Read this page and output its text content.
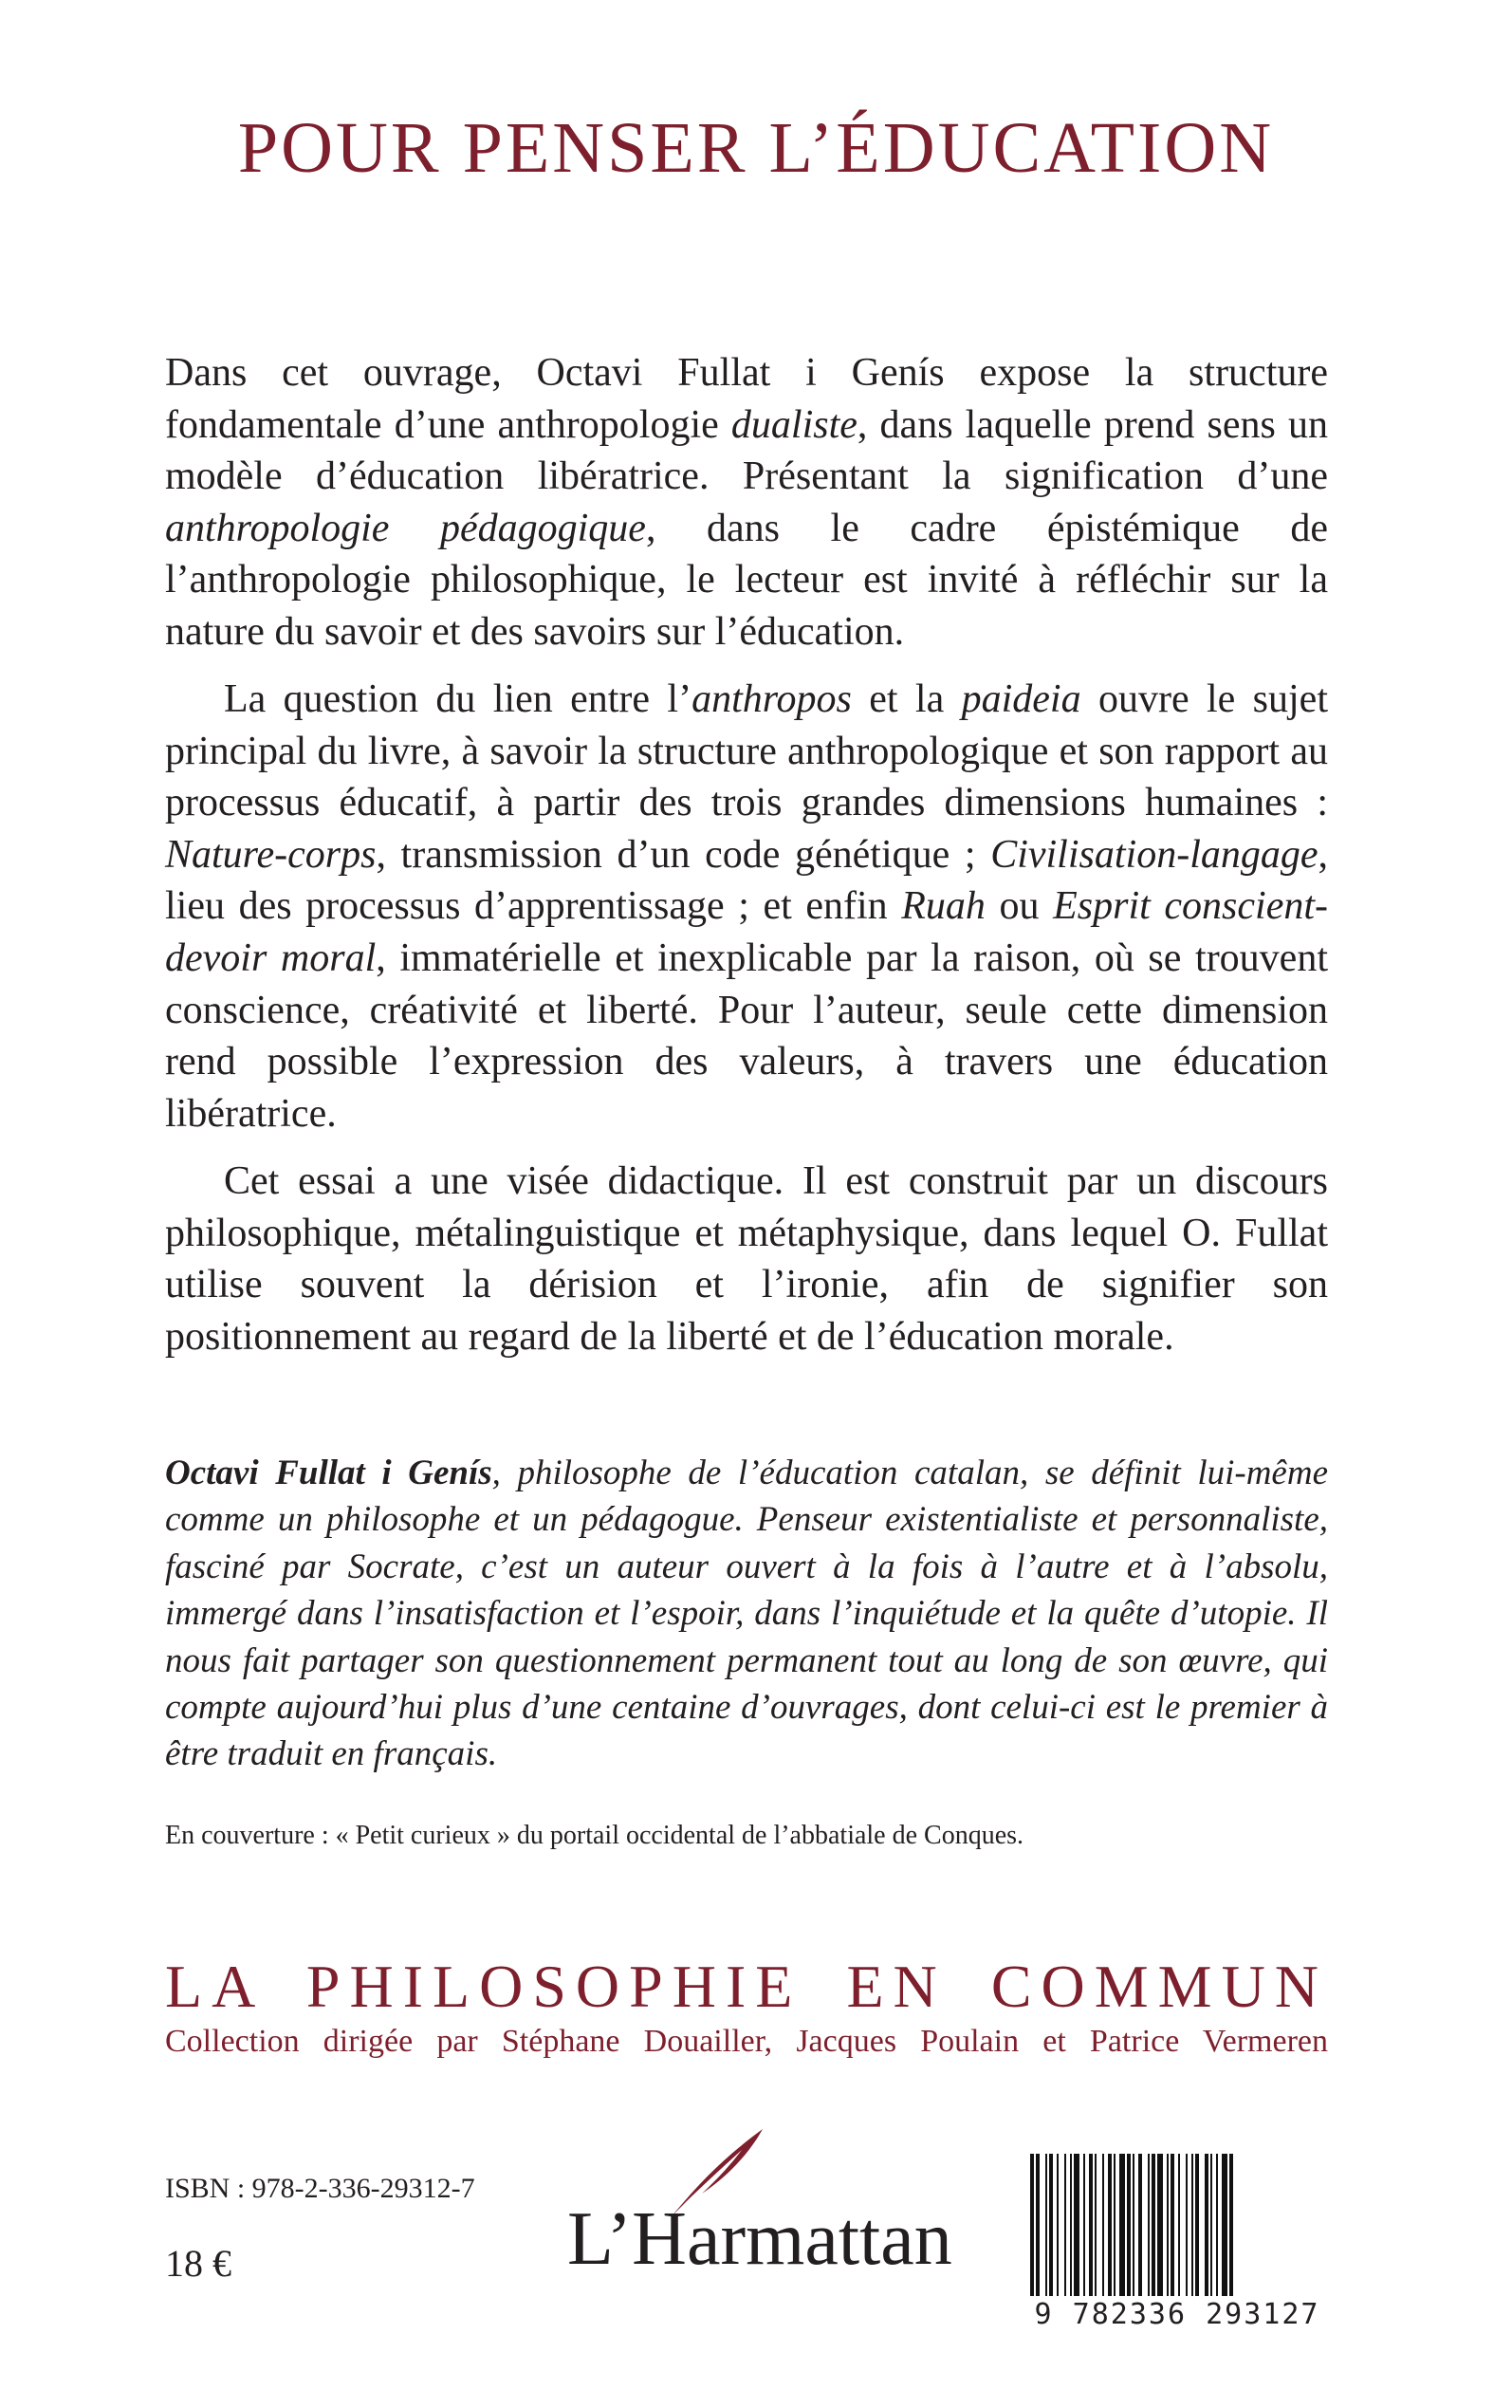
POUR PENSER L’ÉDUCATION

Dans cet ouvrage, Octavi Fullat i Genís expose la structure fondamentale d’une anthropologie dualiste, dans laquelle prend sens un modèle d’éducation libératrice. Présentant la signification d’une anthropologie pédagogique, dans le cadre épistémique de l’anthropologie philosophique, le lecteur est invité à réfléchir sur la nature du savoir et des savoirs sur l’éducation.

La question du lien entre l’anthropos et la paideia ouvre le sujet principal du livre, à savoir la structure anthropologique et son rapport au processus éducatif, à partir des trois grandes dimensions humaines : Nature-corps, transmission d’un code génétique ; Civilisation-langage, lieu des processus d’apprentissage ; et enfin Ruah ou Esprit conscient-devoir moral, immatérielle et inexplicable par la raison, où se trouvent conscience, créativité et liberté. Pour l’auteur, seule cette dimension rend possible l’expression des valeurs, à travers une éducation libératrice.

Cet essai a une visée didactique. Il est construit par un discours philosophique, métalinguistique et métaphysique, dans lequel O. Fullat utilise souvent la dérision et l’ironie, afin de signifier son positionnement au regard de la liberté et de l’éducation morale.

Octavi Fullat i Genís, philosophe de l’éducation catalan, se définit lui-même comme un philosophe et un pédagogue. Penseur existentialiste et personnaliste, fasciné par Socrate, c’est un auteur ouvert à la fois à l’autre et à l’absolu, immergé dans l’insatisfaction et l’espoir, dans l’inquiétude et la quête d’utopie. Il nous fait partager son questionnement permanent tout au long de son œuvre, qui compte aujourd’hui plus d’une centaine d’ouvrages, dont celui-ci est le premier à être traduit en français.

En couverture : « Petit curieux » du portail occidental de l’abbatiale de Conques.

LA PHILOSOPHIE EN COMMUN
Collection dirigée par Stéphane Douailler, Jacques Poulain et Patrice Vermeren
ISBN : 978-2-336-29312-7
18 €	L’Harmattan
9 782336 293127
